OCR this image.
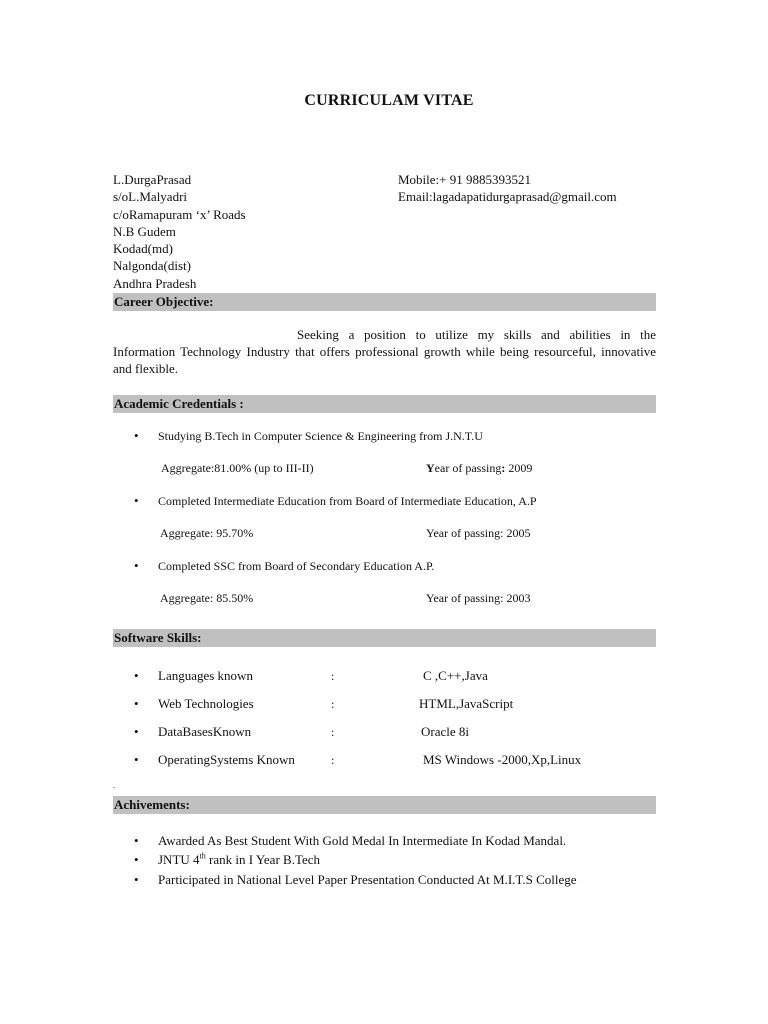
CURRICULAM VITAE
L.DurgaPrasad
s/oL.Malyadri
c/oRamapuram ‘x’ Roads
N.B Gudem
Kodad(md)
Nalgonda(dist)
Andhra Pradesh
Mobile:+ 91 9885393521
Email:lagadapatidurgaprasad@gmail.com
Career Objective:
Seeking a position to utilize my skills and abilities in the Information Technology Industry that offers professional growth while being resourceful, innovative and flexible.
Academic Credentials :
• Studying B.Tech in Computer Science & Engineering from J.N.T.U
Aggregate:81.00% (up to III-II)	Year of passing: 2009
• Completed Intermediate Education from Board of Intermediate Education, A.P
Aggregate: 95.70%	Year of passing: 2005
• Completed SSC from Board of Secondary Education A.P.
Aggregate: 85.50%	Year of passing: 2003
Software Skills:
• Languages known	:	C ,C++,Java
• Web Technologies	:	HTML,JavaScript
• DataBasesKnown	:	Oracle 8i
• OperatingSystems Known	:	MS Windows -2000,Xp,Linux
.
Achivements:
• Awarded As Best Student With Gold Medal In Intermediate In Kodad Mandal.
• JNTU 4th rank in I Year B.Tech
• Participated in National Level Paper Presentation Conducted At M.I.T.S College
